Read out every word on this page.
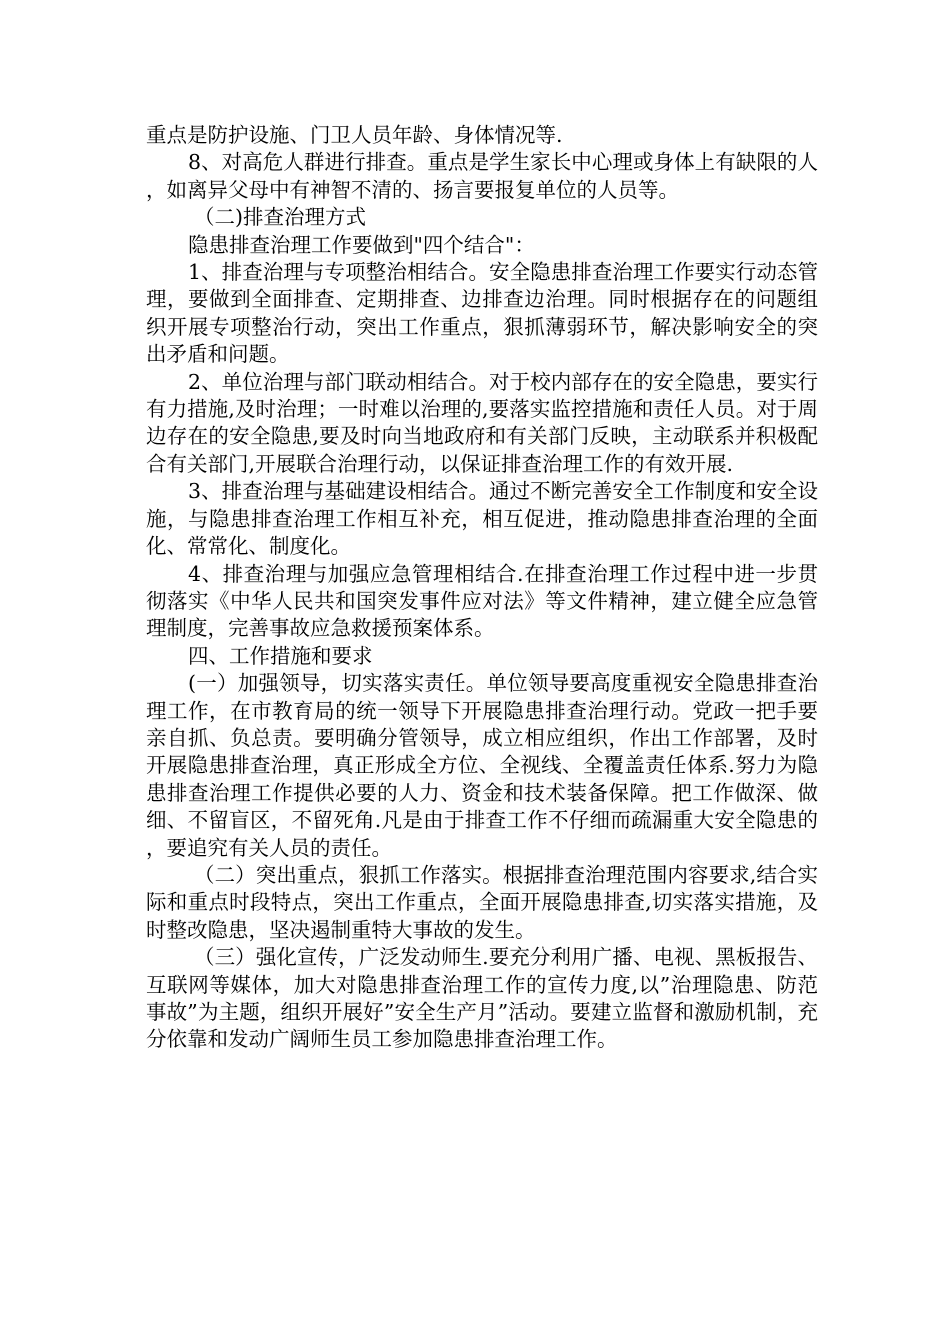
重点是防护设施、门卫人员年龄、身体情况等.

8、对高危人群进行排查。重点是学生家长中心理或身体上有缺限的人，如离异父母中有神智不清的、扬言要报复单位的人员等。

（二)排查治理方式

隐患排查治理工作要做到"四个结合"：

1、排查治理与专项整治相结合。安全隐患排查治理工作要实行动态管理，要做到全面排查、定期排查、边排查边治理。同时根据存在的问题组织开展专项整治行动，突出工作重点，狠抓薄弱环节，解决影响安全的突出矛盾和问题。

2、单位治理与部门联动相结合。对于校内部存在的安全隐患，要实行有力措施,及时治理；一时难以治理的,要落实监控措施和责任人员。对于周边存在的安全隐患,要及时向当地政府和有关部门反映，主动联系并积极配合有关部门,开展联合治理行动，以保证排查治理工作的有效开展.

3、排查治理与基础建设相结合。通过不断完善安全工作制度和安全设施，与隐患排查治理工作相互补充，相互促进，推动隐患排查治理的全面化、常常化、制度化。

4、排查治理与加强应急管理相结合.在排查治理工作过程中进一步贯彻落实《中华人民共和国突发事件应对法》等文件精神，建立健全应急管理制度，完善事故应急救援预案体系。

四、工作措施和要求

(一）加强领导，切实落实责任。单位领导要高度重视安全隐患排查治理工作，在市教育局的统一领导下开展隐患排查治理行动。党政一把手要亲自抓、负总责。要明确分管领导，成立相应组织，作出工作部署，及时开展隐患排查治理，真正形成全方位、全视线、全覆盖责任体系.努力为隐患排查治理工作提供必要的人力、资金和技术装备保障。把工作做深、做细、不留盲区，不留死角.凡是由于排查工作不仔细而疏漏重大安全隐患的，要追究有关人员的责任。

（二）突出重点，狠抓工作落实。根据排查治理范围内容要求,结合实际和重点时段特点，突出工作重点，全面开展隐患排查,切实落实措施，及时整改隐患，坚决遏制重特大事故的发生。

（三）强化宣传，广泛发动师生.要充分利用广播、电视、黑板报告、互联网等媒体，加大对隐患排查治理工作的宣传力度,以”治理隐患、防范事故”为主题，组织开展好”安全生产月”活动。要建立监督和激励机制，充分依靠和发动广阔师生员工参加隐患排查治理工作。
